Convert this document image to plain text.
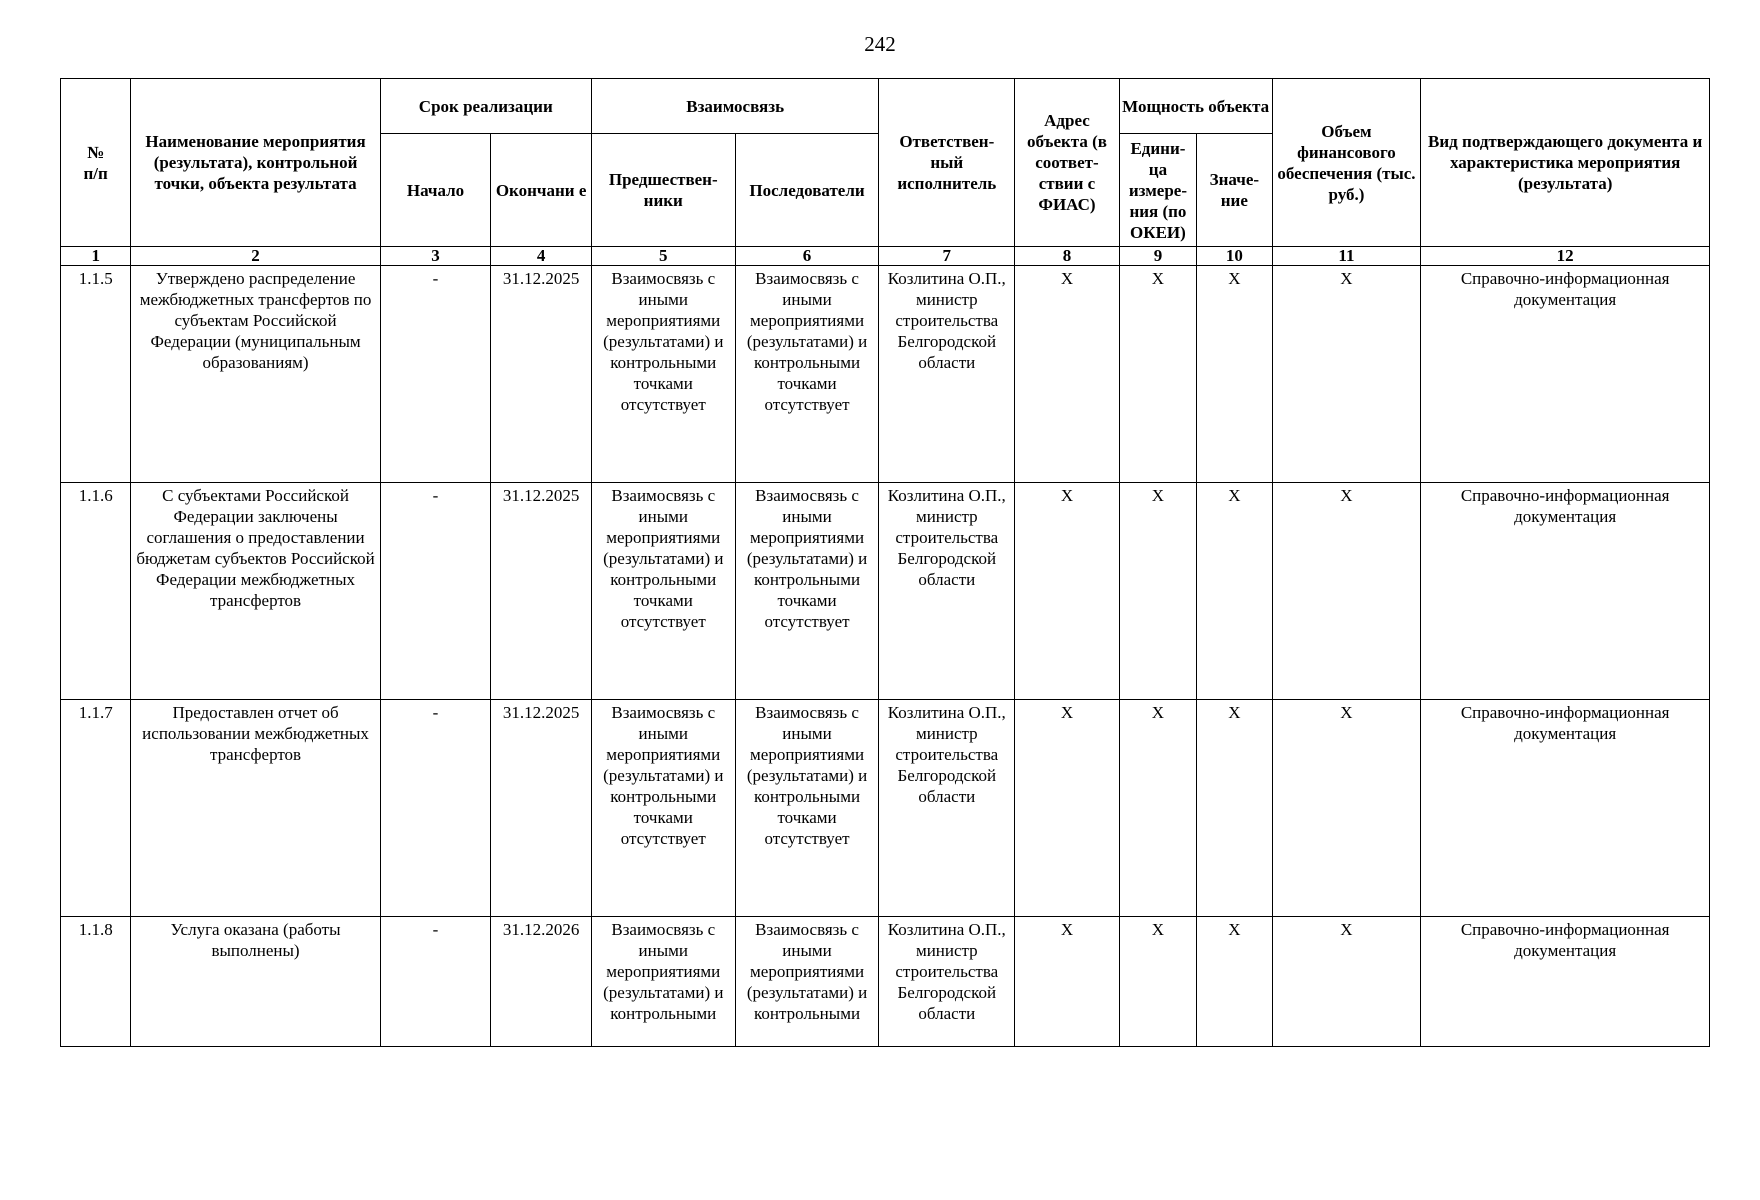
242
№
п/п	Наименование мероприятия (результата), контрольной точки, объекта результата	Срок реализации		Взаимосвязь		Ответствен- ный исполнитель	Адрес объекта (в соответ- ствии с ФИАС)	Мощность объекта		Объем финансового обеспечения (тыс. руб.)	Вид подтверждающего документа и характеристика мероприятия (результата)
		Начало	Окончани е	Предшествен- ники	Последователи			Едини- ца измере- ния (по ОКЕИ)	Значе- ние		
1	2	3	4	5	6	7	8	9	10	11	12
1.1.5	Утверждено распределение межбюджетных трансфертов по субъектам Российской Федерации (муниципальным образованиям)	-	31.12.2025	Взаимосвязь с иными мероприятиями (результатами) и контрольными точками отсутствует	Взаимосвязь с иными мероприятиями (результатами) и контрольными точками отсутствует	Козлитина О.П., министр строительства Белгородской области	X	X	X	X	Справочно-информационная документация
1.1.6	С субъектами Российской Федерации заключены соглашения о предоставлении бюджетам субъектов Российской Федерации межбюджетных трансфертов	-	31.12.2025	Взаимосвязь с иными мероприятиями (результатами) и контрольными точками отсутствует	Взаимосвязь с иными мероприятиями (результатами) и контрольными точками отсутствует	Козлитина О.П., министр строительства Белгородской области	X	X	X	X	Справочно-информационная документация
1.1.7	Предоставлен отчет об использовании межбюджетных трансфертов	-	31.12.2025	Взаимосвязь с иными мероприятиями (результатами) и контрольными точками отсутствует	Взаимосвязь с иными мероприятиями (результатами) и контрольными точками отсутствует	Козлитина О.П., министр строительства Белгородской области	X	X	X	X	Справочно-информационная документация
1.1.8	Услуга оказана (работы выполнены)	-	31.12.2026	Взаимосвязь с иными мероприятиями (результатами) и контрольными	Взаимосвязь с иными мероприятиями (результатами) и контрольными	Козлитина О.П., министр строительства Белгородской области	X	X	X	X	Справочно-информационная документация
